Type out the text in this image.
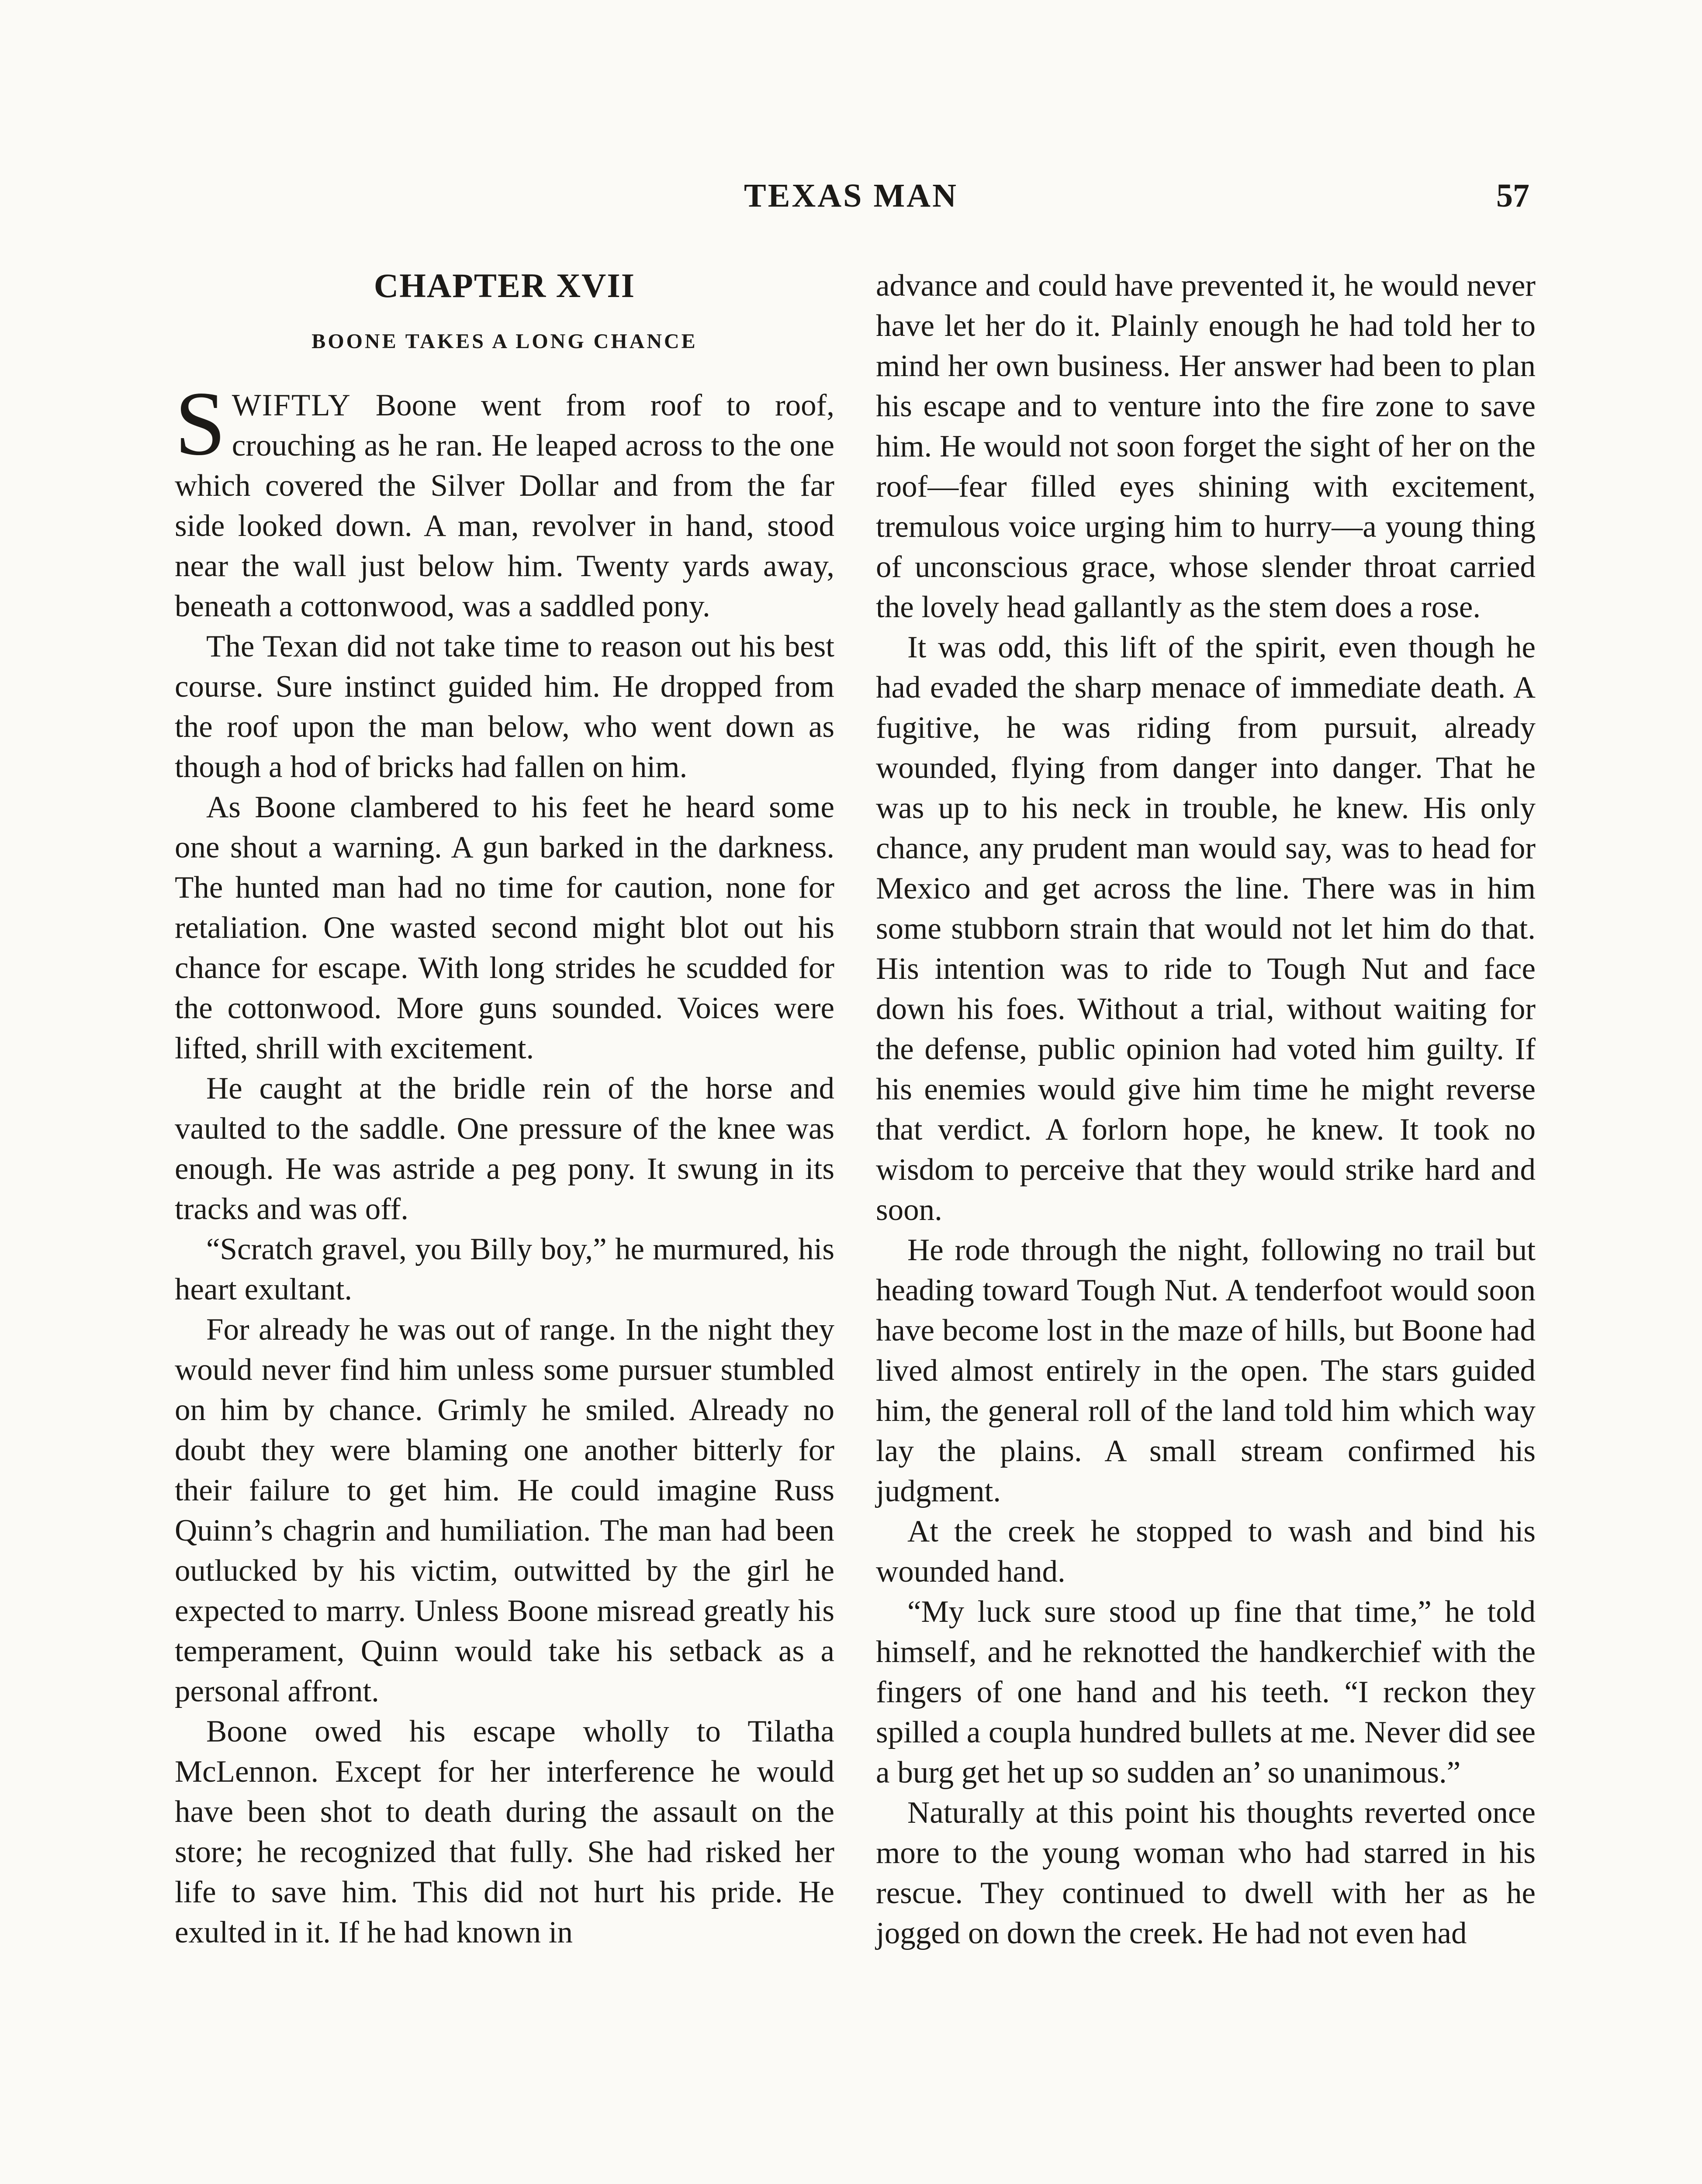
TEXAS MAN	57
CHAPTER XVII
BOONE TAKES A LONG CHANCE

SWIFTLY Boone went from roof to roof, crouching as he ran. He leaped across to the one which covered the Silver Dollar and from the far side looked down. A man, revolver in hand, stood near the wall just below him. Twenty yards away, beneath a cottonwood, was a saddled pony.

The Texan did not take time to reason out his best course. Sure instinct guided him. He dropped from the roof upon the man below, who went down as though a hod of bricks had fallen on him.

As Boone clambered to his feet he heard some one shout a warning. A gun barked in the darkness. The hunted man had no time for caution, none for retaliation. One wasted second might blot out his chance for escape. With long strides he scudded for the cottonwood. More guns sounded. Voices were lifted, shrill with excitement.

He caught at the bridle rein of the horse and vaulted to the saddle. One pressure of the knee was enough. He was astride a peg pony. It swung in its tracks and was off.

“Scratch gravel, you Billy boy,” he murmured, his heart exultant.

For already he was out of range. In the night they would never find him unless some pursuer stumbled on him by chance. Grimly he smiled. Already no doubt they were blaming one another bitterly for their failure to get him. He could imagine Russ Quinn’s chagrin and humiliation. The man had been outlucked by his victim, outwitted by the girl he expected to marry. Unless Boone misread greatly his temperament, Quinn would take his setback as a personal affront.

Boone owed his escape wholly to Tilatha McLennon. Except for her interference he would have been shot to death during the assault on the store; he recognized that fully. She had risked her life to save him. This did not hurt his pride. He exulted in it. If he had known in

advance and could have prevented it, he would never have let her do it. Plainly enough he had told her to mind her own business. Her answer had been to plan his escape and to venture into the fire zone to save him. He would not soon forget the sight of her on the roof—fear filled eyes shining with excitement, tremulous voice urging him to hurry—a young thing of unconscious grace, whose slender throat carried the lovely head gallantly as the stem does a rose.

It was odd, this lift of the spirit, even though he had evaded the sharp menace of immediate death. A fugitive, he was riding from pursuit, already wounded, flying from danger into danger. That he was up to his neck in trouble, he knew. His only chance, any prudent man would say, was to head for Mexico and get across the line. There was in him some stubborn strain that would not let him do that. His intention was to ride to Tough Nut and face down his foes. Without a trial, without waiting for the defense, public opinion had voted him guilty. If his enemies would give him time he might reverse that verdict. A forlorn hope, he knew. It took no wisdom to perceive that they would strike hard and soon.

He rode through the night, following no trail but heading toward Tough Nut. A tenderfoot would soon have become lost in the maze of hills, but Boone had lived almost entirely in the open. The stars guided him, the general roll of the land told him which way lay the plains. A small stream confirmed his judgment.

At the creek he stopped to wash and bind his wounded hand.

“My luck sure stood up fine that time,” he told himself, and he reknotted the handkerchief with the fingers of one hand and his teeth. “I reckon they spilled a coupla hundred bullets at me. Never did see a burg get het up so sudden an’ so unanimous.”

Naturally at this point his thoughts reverted once more to the young woman who had starred in his rescue. They continued to dwell with her as he jogged on down the creek. He had not even had
